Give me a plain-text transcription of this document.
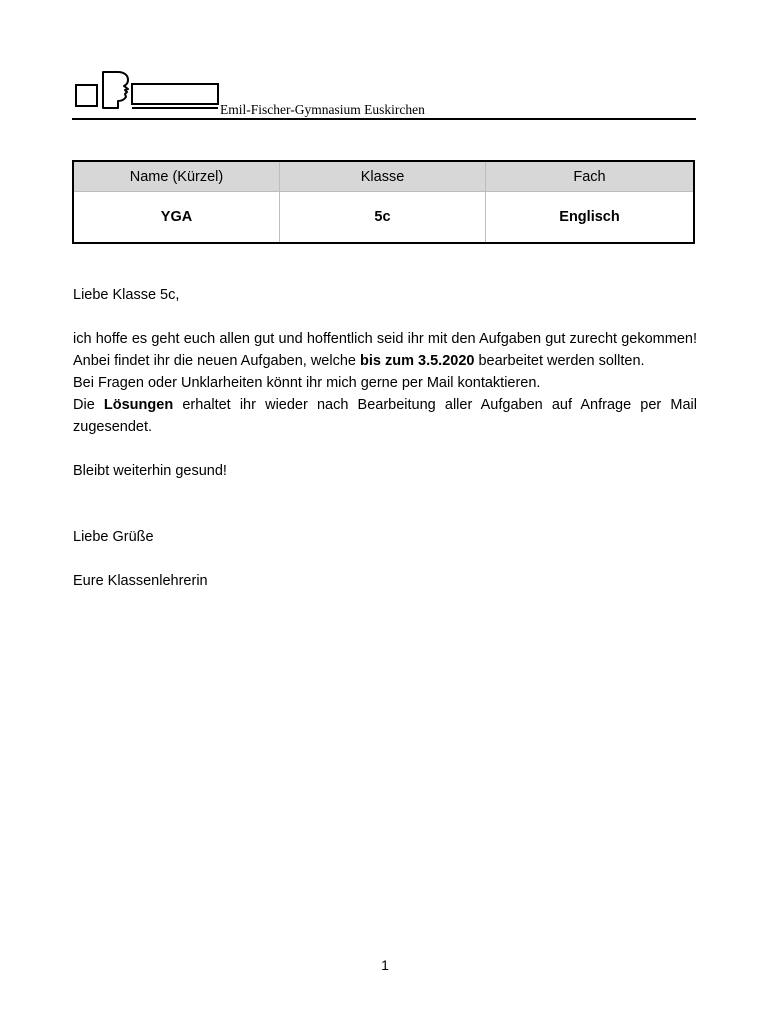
Emil-Fischer-Gymnasium Euskirchen
Name (Kürzel)	Klasse	Fach
YGA	5c	Englisch

Liebe Klasse 5c,

ich hoffe es geht euch allen gut und hoffentlich seid ihr mit den Aufgaben gut zurecht gekommen! Anbei findet ihr die neuen Aufgaben, welche bis zum 3.5.2020 bearbeitet werden sollten.

Bei Fragen oder Unklarheiten könnt ihr mich gerne per Mail kontaktieren.

Die Lösungen erhaltet ihr wieder nach Bearbeitung aller Aufgaben auf Anfrage per Mail zugesendet.

Bleibt weiterhin gesund!

Liebe Grüße

Eure Klassenlehrerin

1
